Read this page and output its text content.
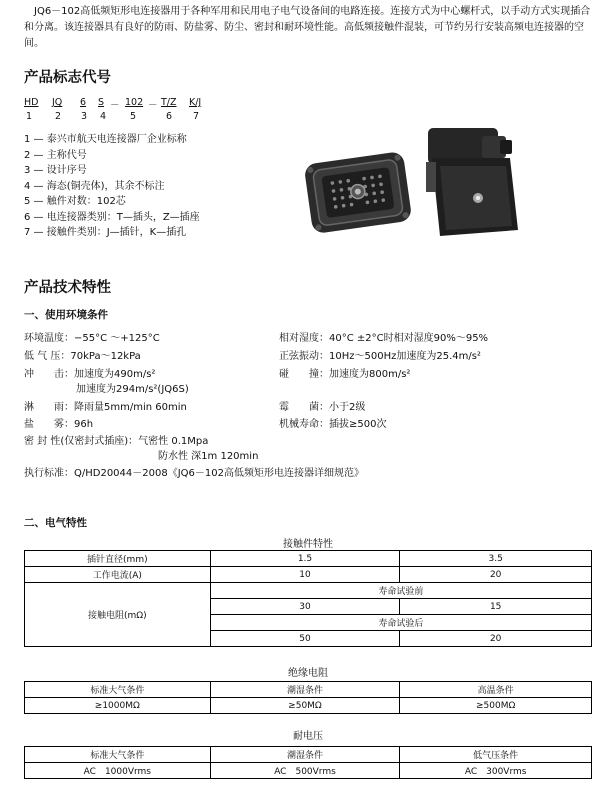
JQ6－102高低频矩形电连接器用于各种军用和民用电子电气设备间的电路连接。连接方式为中心螺杆式，以手动方式实现插合和分离。该连接器具有良好的防雨、防盐雾、防尘、密封和耐环境性能。高低频接触件混装，可节约另行安装高频电连接器的空间。
产品标志代号
HD JQ 6 S － 102 － T/Z K/J
1 2 3 4	5	6 7
1 — 泰兴市航天电连接器厂企业标称
2 — 主称代号
3 — 设计序号
4 — 海态(铜壳体)，其余不标注
5 — 触件对数：102芯
6 — 电连接器类别：T—插头，Z—插座
7 — 接触件类别：J—插针，K—插孔
产品技术特性
一、使用环境条件
环境温度：−55°C ～+125°C
低 气 压：70kPa～12kPa
冲　　击：加速度为490m/s²
加速度为294m/s²(JQ6S)
淋　　雨：降雨量5mm/min 60min
盐　　雾：96h
密 封 性(仅密封式插座)：气密性 0.1Mpa
防水性 深1m 120min
相对湿度：40°C ±2°C时相对湿度90%～95%
正弦振动：10Hz～500Hz加速度为25.4m/s²
碰　　撞：加速度为800m/s²
霉　　菌：小于2级
机械寿命：插拔≥500次
执行标准：Q/HD20044－2008《JQ6－102高低频矩形电连接器详细规范》
二、电气特性
接触件特性
插针直径(mm)	1.5	3.5
工作电流(A)	10	20
接触电阻(mΩ)	寿命试验前	
	30	15
	寿命试验后	
	50	20
绝缘电阻
标准大气条件	潮湿条件	高温条件
≥1000MΩ	≥50MΩ	≥500MΩ
耐电压
标准大气条件	潮湿条件	低气压条件
AC　1000Vrms	AC　500Vrms	AC　300Vrms
